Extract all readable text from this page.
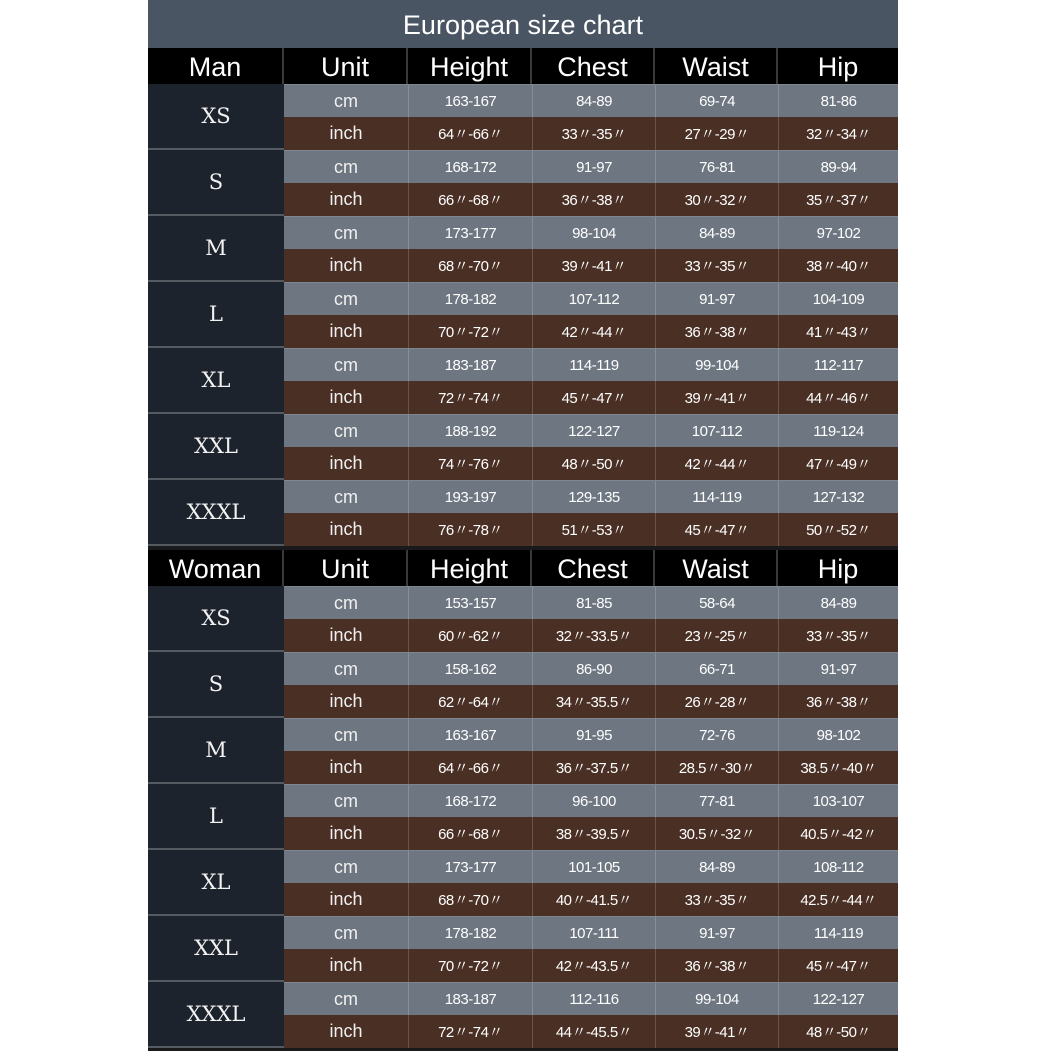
European size chart
Man	Unit	Height	Chest	Waist	Hip
XS
cm	163-167	84-89	69-74	81-86
inch	64〃-66〃	33〃-35〃	27〃-29〃	32〃-34〃
S
cm	168-172	91-97	76-81	89-94
inch	66〃-68〃	36〃-38〃	30〃-32〃	35〃-37〃
M
cm	173-177	98-104	84-89	97-102
inch	68〃-70〃	39〃-41〃	33〃-35〃	38〃-40〃
L
cm	178-182	107-112	91-97	104-109
inch	70〃-72〃	42〃-44〃	36〃-38〃	41〃-43〃
XL
cm	183-187	114-119	99-104	112-117
inch	72〃-74〃	45〃-47〃	39〃-41〃	44〃-46〃
XXL
cm	188-192	122-127	107-112	119-124
inch	74〃-76〃	48〃-50〃	42〃-44〃	47〃-49〃
XXXL
cm	193-197	129-135	114-119	127-132
inch	76〃-78〃	51〃-53〃	45〃-47〃	50〃-52〃
Woman	Unit	Height	Chest	Waist	Hip
XS
cm	153-157	81-85	58-64	84-89
inch	60〃-62〃	32〃-33.5〃	23〃-25〃	33〃-35〃
S
cm	158-162	86-90	66-71	91-97
inch	62〃-64〃	34〃-35.5〃	26〃-28〃	36〃-38〃
M
cm	163-167	91-95	72-76	98-102
inch	64〃-66〃	36〃-37.5〃	28.5〃-30〃	38.5〃-40〃
L
cm	168-172	96-100	77-81	103-107
inch	66〃-68〃	38〃-39.5〃	30.5〃-32〃	40.5〃-42〃
XL
cm	173-177	101-105	84-89	108-112
inch	68〃-70〃	40〃-41.5〃	33〃-35〃	42.5〃-44〃
XXL
cm	178-182	107-111	91-97	114-119
inch	70〃-72〃	42〃-43.5〃	36〃-38〃	45〃-47〃
XXXL
cm	183-187	112-116	99-104	122-127
inch	72〃-74〃	44〃-45.5〃	39〃-41〃	48〃-50〃
